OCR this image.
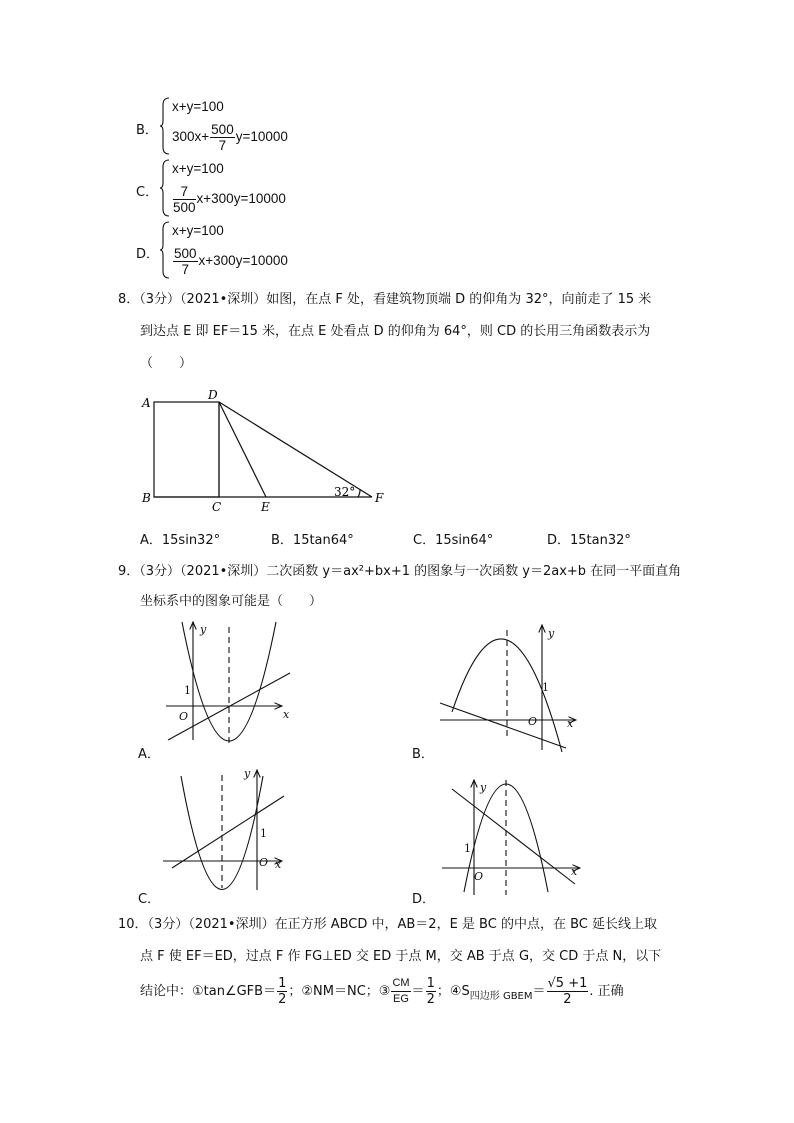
B．
x+y=100
$300x+ \frac{500}{7} y=10000$
C．
x+y=100
$\frac{7}{500} x+300y=10000$
D．
x+y=100
$\frac{500}{7} x+300y=10000$
8．（3分）（2021•深圳）如图，在点 F 处，看建筑物顶端 D 的仰角为 32°，向前走了 15 米
到达点 E 即 EF＝15 米，在点 E 处看点 D 的仰角为 64°，则 CD 的长用三角函数表示为
（　　）
A
D
B
C	E
F
32°
A．15sin32°	B．15tan64°	C．15sin64°	D．15tan32°
9．（3分）（2021•深圳）二次函数 y＝ax²+bx+1 的图象与一次函数 y＝2ax+b 在同一平面直角
坐标系中的图象可能是（　　）
y
x
O
1
y
x
O
1
y
x
O
1
y
x
O
1
A．	B．
C．	D．
10．（3分）（2021•深圳）在正方形 ABCD 中，AB＝2，E 是 BC 的中点，在 BC 延长线上取
点 F 使 EF＝ED，过点 F 作 FG⊥ED 交 ED 于点 M，交 AB 于点 G，交 CD 于点 N，以下
结论中：①tan∠GFB＝ $\frac{1}{2}$ ；②NM＝NC；③ $\frac{CM}{EG} = \frac{1}{2}$ ；$④S_{四边形 GBEM}= \frac{√5 +1}{2}$ . 正确
